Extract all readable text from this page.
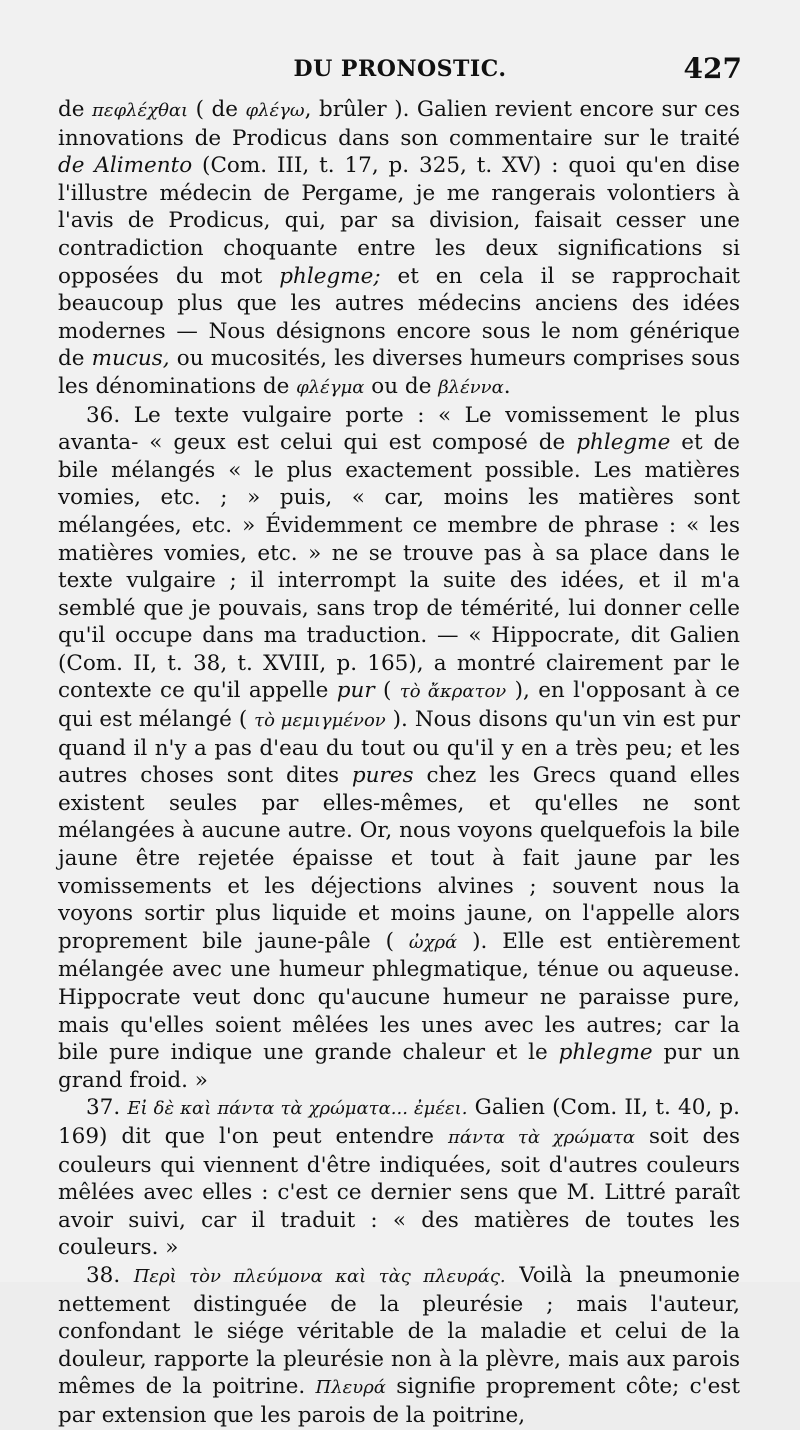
DU PRONOSTIC.	427

de πεφλέχθαι ( de φλέγω, brûler ). Galien revient encore sur ces innovations de Prodicus dans son commentaire sur le traité de Alimento (Com. III, t. 17, p. 325, t. XV) : quoi qu'en dise l'illustre médecin de Pergame, je me rangerais volontiers à l'avis de Prodicus, qui, par sa division, faisait cesser une contradiction choquante entre les deux significations si opposées du mot phlegme; et en cela il se rapprochait beaucoup plus que les autres médecins anciens des idées modernes — Nous désignons encore sous le nom générique de mucus, ou mucosités, les diverses humeurs comprises sous les dénominations de φλέγμα ou de βλέννα.

36. Le texte vulgaire porte : « Le vomissement le plus avanta- « geux est celui qui est composé de phlegme et de bile mélangés « le plus exactement possible. Les matières vomies, etc. ; » puis, « car, moins les matières sont mélangées, etc. » Évidemment ce membre de phrase : « les matières vomies, etc. » ne se trouve pas à sa place dans le texte vulgaire ; il interrompt la suite des idées, et il m'a semblé que je pouvais, sans trop de témérité, lui donner celle qu'il occupe dans ma traduction. — « Hippocrate, dit Galien (Com. II, t. 38, t. XVIII, p. 165), a montré clairement par le contexte ce qu'il appelle pur ( τὸ ἄκρατον ), en l'opposant à ce qui est mélangé ( τὸ μεμιγμένον ). Nous disons qu'un vin est pur quand il n'y a pas d'eau du tout ou qu'il y en a très peu; et les autres choses sont dites pures chez les Grecs quand elles existent seules par elles-mêmes, et qu'elles ne sont mélangées à aucune autre. Or, nous voyons quelquefois la bile jaune être rejetée épaisse et tout à fait jaune par les vomissements et les déjections alvines ; souvent nous la voyons sortir plus liquide et moins jaune, on l'appelle alors proprement bile jaune-pâle ( ὠχρά ). Elle est entièrement mélangée avec une humeur phlegmatique, ténue ou aqueuse. Hippocrate veut donc qu'aucune humeur ne paraisse pure, mais qu'elles soient mêlées les unes avec les autres; car la bile pure indique une grande chaleur et le phlegme pur un grand froid. »

37. Εἰ δὲ καὶ πάντα τὰ χρώματα... ἐμέει. Galien (Com. II, t. 40, p. 169) dit que l'on peut entendre πάντα τὰ χρώματα soit des couleurs qui viennent d'être indiquées, soit d'autres couleurs mêlées avec elles : c'est ce dernier sens que M. Littré paraît avoir suivi, car il traduit : « des matières de toutes les couleurs. »

38. Περὶ τὸν πλεύμονα καὶ τὰς πλευράς. Voilà la pneumonie nettement distinguée de la pleurésie ; mais l'auteur, confondant le siége véritable de la maladie et celui de la douleur, rapporte la pleurésie non à la plèvre, mais aux parois mêmes de la poitrine. Πλευρά signifie proprement côte; c'est par extension que les parois de la poitrine,
